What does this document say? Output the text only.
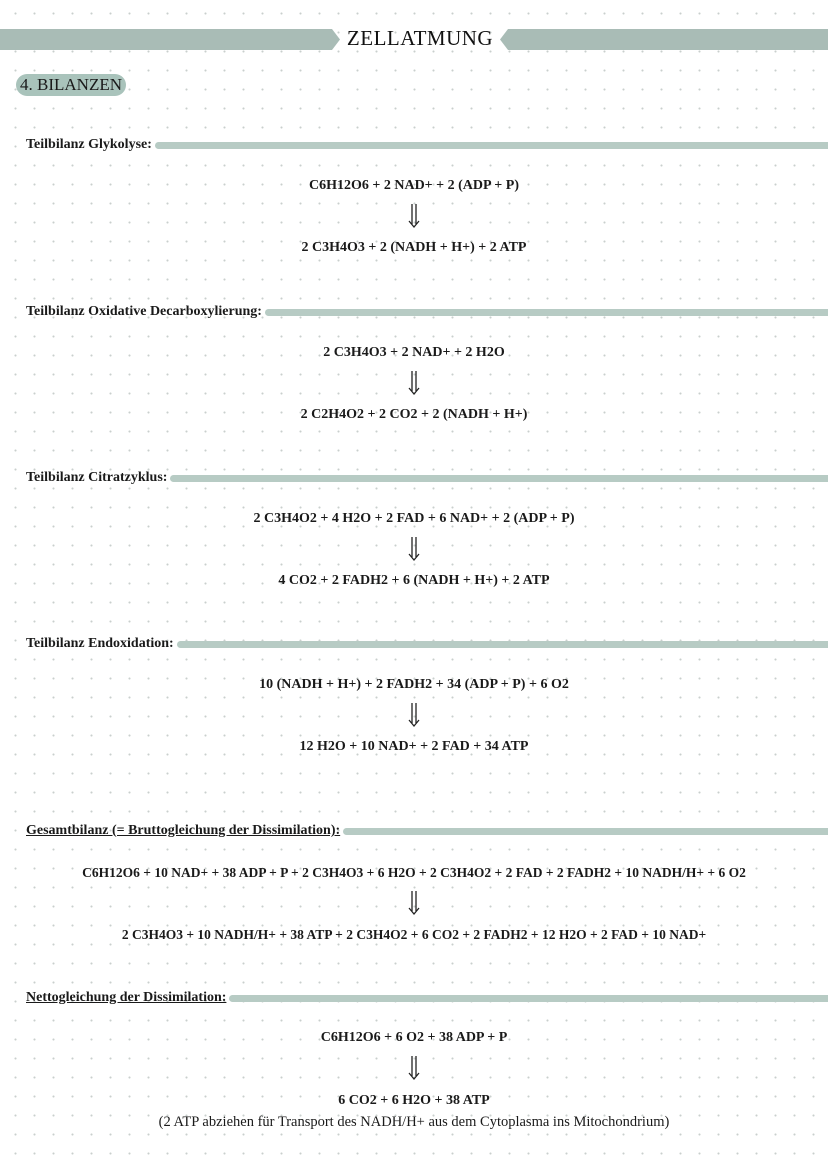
ZELLATMUNG
4. BILANZEN
Teilbilanz Glykolyse:
C6H12O6 + 2 NAD+ + 2 (ADP + P)
2 C3H4O3 + 2 (NADH + H+) + 2 ATP
Teilbilanz Oxidative Decarboxylierung:
2 C3H4O3 + 2 NAD+ + 2 H2O
2 C2H4O2 + 2 CO2 + 2 (NADH + H+)
Teilbilanz Citratzyklus:
2 C3H4O2 + 4 H2O + 2 FAD + 6 NAD+ + 2 (ADP + P)
4 CO2 + 2 FADH2 + 6 (NADH + H+) + 2 ATP
Teilbilanz Endoxidation:
10 (NADH + H+) + 2 FADH2 + 34 (ADP + P) + 6 O2
12 H2O + 10 NAD+ + 2 FAD + 34 ATP
Gesamtbilanz (= Bruttogleichung der Dissimilation):
C6H12O6 + 10 NAD+ + 38 ADP + P + 2 C3H4O3 + 6 H2O + 2 C3H4O2 + 2 FAD + 2 FADH2 + 10 NADH/H+ + 6 O2
2 C3H4O3 + 10 NADH/H+ + 38 ATP + 2 C3H4O2 + 6 CO2 + 2 FADH2 + 12 H2O + 2 FAD + 10 NAD+
Nettogleichung der Dissimilation:
C6H12O6 + 6 O2 + 38 ADP + P
6 CO2 + 6 H2O + 38 ATP
(2 ATP abziehen für Transport des NADH/H+ aus dem Cytoplasma ins Mitochondrium)
